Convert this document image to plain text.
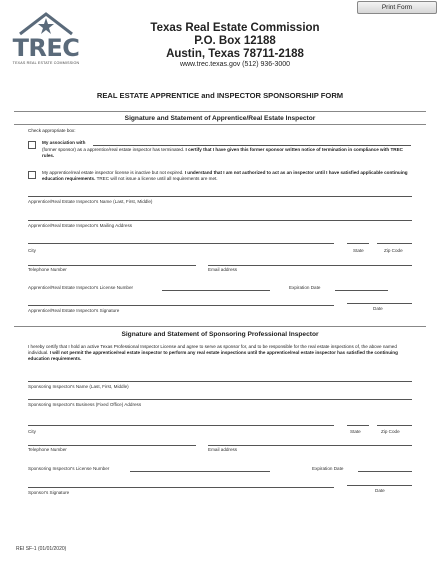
Print Form
TREC
TEXAS REAL ESTATE COMMISSION
Texas Real Estate Commission
P.O. Box 12188
Austin, Texas 78711-2188
www.trec.texas.gov (512) 936-3000
REAL ESTATE APPRENTICE and INSPECTOR SPONSORSHIP FORM
Signature and Statement of Apprentice/Real Estate Inspector
Check appropriate box:
My association with
(former sponsor) as a apprentice/real estate inspector has terminated. I certify that I have given this former sponsor written notice of termination in compliance with TREC rules.
My apprentice/real estate inspector license is inactive but not expired. I understand that I am not authorized to act as an inspector until I have satisfied applicable continuing education requirements. TREC will not issue a license until all requirements are met.
Apprentice/Real Estate Inspector's Name (Last, First, Middle)
Apprentice/Real Estate Inspector's Mailing Address
City	State	Zip Code
Telephone Number	Email address
Apprentice/Real Estate Inspector's License Number	Expiration Date
Apprentice/Real Estate Inspector's Signature	Date
Signature and Statement of Sponsoring Professional Inspector
I hereby certify that I hold an active Texas Professional Inspector License and agree to serve as sponsor for, and to be responsible for the real estate inspections of, the above named individual. I will not permit the apprentice/real estate inspector to perform any real estate inspections until the apprentice/real estate inspector has satisfied the continuing education requirements.
Sponsoring Inspector's Name (Last, First, Middle)
Sponsoring Inspector's Business (Fixed Office) Address
City	State	Zip Code
Telephone Number	Email address
Sponsoring Inspector's License Number	Expiration Date
Sponsor's Signature	Date
REI SF-1 (01/01/2020)
